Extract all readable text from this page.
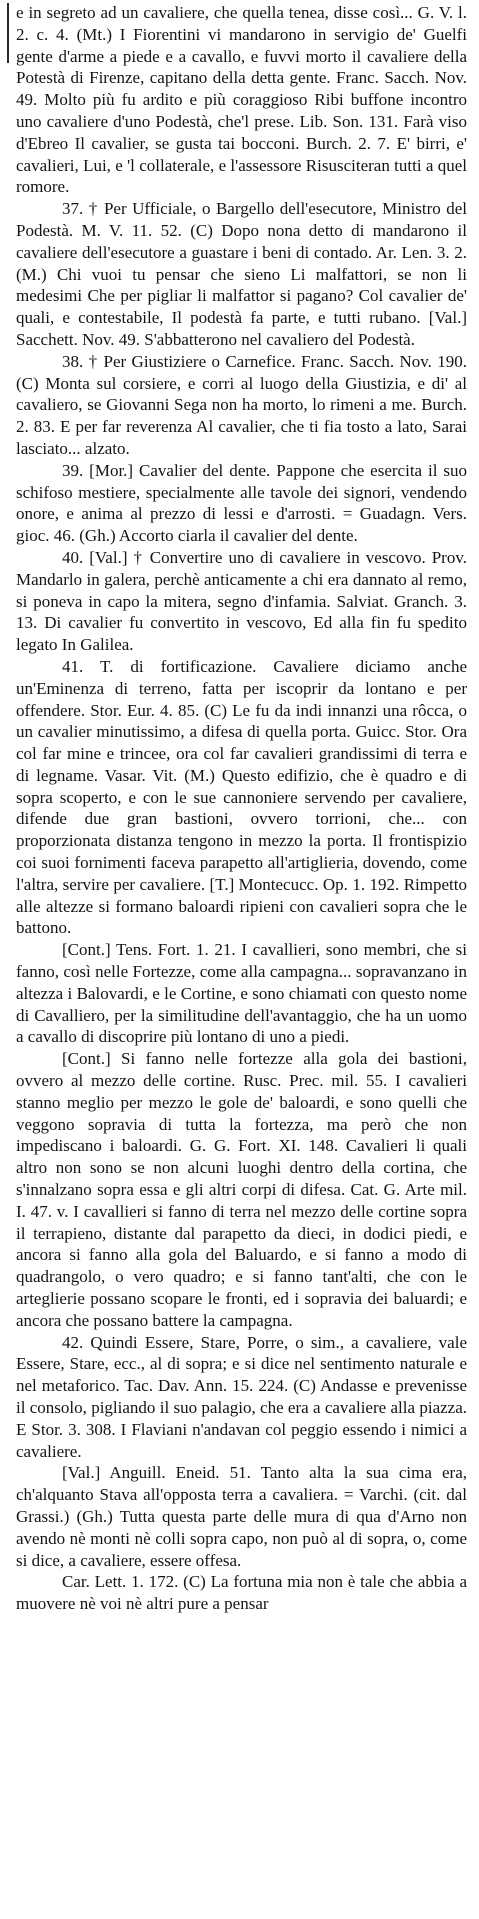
e in segreto ad un cavaliere, che quella tenea, disse così... G. V. l. 2. c. 4. (Mt.) I Fiorentini vi mandarono in servigio de' Guelfi gente d'arme a piede e a cavallo, e fuvvi morto il cavaliere della Potestà di Firenze, capitano della detta gente. Franc. Sacch. Nov. 49. Molto più fu ardito e più coraggioso Ribi buffone incontro uno cavaliere d'uno Podestà, che'l prese. Lib. Son. 131. Farà viso d'Ebreo Il cavalier, se gusta tai bocconi. Burch. 2. 7. E' birri, e' cavalieri, Lui, e 'l collaterale, e l'assessore Risusciteran tutti a quel romore.

37. † Per Ufficiale, o Bargello dell'esecutore, Ministro del Podestà. M. V. 11. 52. (C) Dopo nona detto di mandarono il cavaliere dell'esecutore a guastare i beni di contado. Ar. Len. 3. 2. (M.) Chi vuoi tu pensar che sieno Li malfattori, se non li medesimi Che per pigliar li malfattor si pagano? Col cavalier de' quali, e contestabile, Il podestà fa parte, e tutti rubano. [Val.] Sacchett. Nov. 49. S'abbatterono nel cavaliero del Podestà.

38. † Per Giustiziere o Carnefice. Franc. Sacch. Nov. 190. (C) Monta sul corsiere, e corri al luogo della Giustizia, e di' al cavaliero, se Giovanni Sega non ha morto, lo rimeni a me. Burch. 2. 83. E per far reverenza Al cavalier, che ti fia tosto a lato, Sarai lasciato... alzato.

39. [Mor.] Cavalier del dente. Pappone che esercita il suo schifoso mestiere, specialmente alle tavole dei signori, vendendo onore, e anima al prezzo di lessi e d'arrosti. = Guadagn. Vers. gioc. 46. (Gh.) Accorto ciarla il cavalier del dente.

40. [Val.] † Convertire uno di cavaliere in vescovo. Prov. Mandarlo in galera, perchè anticamente a chi era dannato al remo, si poneva in capo la mitera, segno d'infamia. Salviat. Granch. 3. 13. Di cavalier fu convertito in vescovo, Ed alla fin fu spedito legato In Galilea.

41. T. di fortificazione. Cavaliere diciamo anche un'Eminenza di terreno, fatta per iscoprir da lontano e per offendere. Stor. Eur. 4. 85. (C) Le fu da indi innanzi una rôcca, o un cavalier minutissimo, a difesa di quella porta. Guicc. Stor. Ora col far mine e trincee, ora col far cavalieri grandissimi di terra e di legname. Vasar. Vit. (M.) Questo edifizio, che è quadro e di sopra scoperto, e con le sue cannoniere servendo per cavaliere, difende due gran bastioni, ovvero torrioni, che... con proporzionata distanza tengono in mezzo la porta. Il frontispizio coi suoi fornimenti faceva parapetto all'artiglieria, dovendo, come l'altra, servire per cavaliere. [T.] Montecucc. Op. 1. 192. Rimpetto alle altezze si formano baloardi ripieni con cavalieri sopra che le battono.

[Cont.] Tens. Fort. 1. 21. I cavallieri, sono membri, che si fanno, così nelle Fortezze, come alla campagna... sopravanzano in altezza i Balovardi, e le Cortine, e sono chiamati con questo nome di Cavalliero, per la similitudine dell'avantaggio, che ha un uomo a cavallo di discoprire più lontano di uno a piedi.

[Cont.] Si fanno nelle fortezze alla gola dei bastioni, ovvero al mezzo delle cortine. Rusc. Prec. mil. 55. I cavalieri stanno meglio per mezzo le gole de' baloardi, e sono quelli che veggono sopravia di tutta la fortezza, ma però che non impediscano i baloardi. G. G. Fort. XI. 148. Cavalieri li quali altro non sono se non alcuni luoghi dentro della cortina, che s'innalzano sopra essa e gli altri corpi di difesa. Cat. G. Arte mil. I. 47. v. I cavallieri si fanno di terra nel mezzo delle cortine sopra il terrapieno, distante dal parapetto da dieci, in dodici piedi, e ancora si fanno alla gola del Baluardo, e si fanno a modo di quadrangolo, o vero quadro; e si fanno tant'alti, che con le arteglierie possano scoparе le fronti, ed i sopravia dei baluardi; e ancora che possano battere la campagna.

42. Quindi Essere, Stare, Porre, o sim., a cavaliere, vale Essere, Stare, ecc., al di sopra; e si dice nel sentimento naturale e nel metaforico. Tac. Dav. Ann. 15. 224. (C) Andasse e prevenisse il consolo, pigliando il suo palagio, che era a cavaliere alla piazza. E Stor. 3. 308. I Flaviani n'andavan col peggio essendo i nimici a cavaliere.

[Val.] Anguill. Eneid. 51. Tanto alta la sua cima era, ch'alquanto Stava all'opposta terra a cavaliera. = Varchi. (cit. dal Grassi.) (Gh.) Tutta questa parte delle mura di qua d'Arno non avendo nè monti nè colli sopra capo, non può al di sopra, o, come si dice, a cavaliere, essere offesa.

Car. Lett. 1. 172. (C) La fortuna mia non è tale che abbia a muovere nè voi nè altri pure a pensar
